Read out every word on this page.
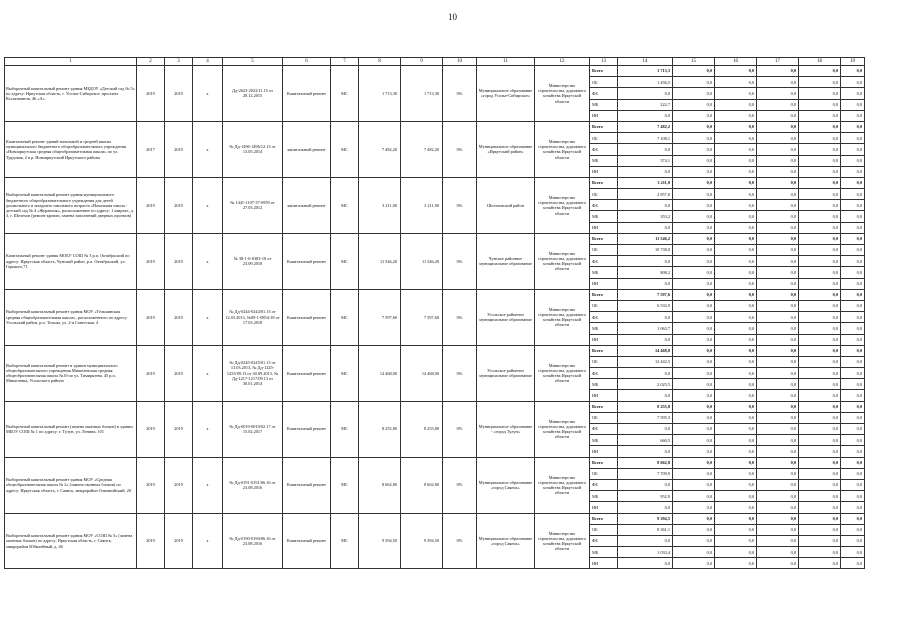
10
1	2	3	4	5	6	7	8	9	10	11	12	13	14	15	16	17	18	19
Выборочный капитальный ремонт здания МБДОУ «Детский сад № 5» по адресу: Иркутская область, г. Усолье-Сибирское, проспект Космонавтов, 46 «А»	2019	2019	x	Дд-2623-2023/11.15 от 28.12.2015	Капитальный ремонт	МС	1 713,30	1 713,30	0%	Муниципальное образование «город Усолье-Сибирское»	Министерство строительства, дорожного хозяйства Иркутской области	Всего	1 713,3	0,0	0,0	0,0	0,0	0,0
												ОБ	1 456,5	0,0	0,0	0,0	0,0	0,0
												ФБ	0,0	0,0	0,0	0,0	0,0	0,0
												МБ	222,7	0,0	0,0	0,0	0,0	0,0
												ИИ	0,0	0,0	0,0	0,0	0,0	0,0
Капитальный ремонт зданий начальной и средней школы муниципального бюджетного общеобразовательного учреждения «Новоиркутская средняя общеобразовательная школа» по ул. Трудовая, 2 в р. Новоиркутский Иркутского района	2017	2019	x	№ Дд-1496-1496/12.13 от 13.05.2014	капитальный ремонт	МС	7 482,20	7 482,20	0%	Муниципальное образование «Иркутский район»	Министерство строительства, дорожного хозяйства Иркутской области	Всего	7 482,2	0,0	0,0	0,0	0,0	0,0
												ОБ	7 108,1	0,0	0,0	0,0	0,0	0,0
												ФБ	0,0	0,0	0,0	0,0	0,0	0,0
												МБ	374,1	0,0	0,0	0,0	0,0	0,0
												ИИ	0,0	0,0	0,0	0,0	0,0	0,0
Выборочный капитальный ремонт здания муниципального бюджетного общеобразовательного учреждения для детей дошкольного и младшего школьного возраста «Начальная школа - детский сад № 4 «Журавлик», расположенное по адресу: 1 квартал, д. 3, г. Шелехов (ремонт кровли, замена заполнений дверных проемов)	2019	2019	x	№ 1441-1107-37-0959 от 27.03.2012	капитальный ремонт	МС	3 211,00	3 211,00	0%	Шелеховский район	Министерство строительства, дорожного хозяйства Иркутской области	Всего	3 211,0	0,0	0,0	0,0	0,0	0,0
												ОБ	2 857,8	0,0	0,0	0,0	0,0	0,0
												ФБ	0,0	0,0	0,0	0,0	0,0	0,0
												МБ	353,2	0,0	0,0	0,0	0,0	0,0
												ИИ	0,0	0,0	0,0	0,0	0,0	0,0
Капитальный ремонт здания МОБУ СОШ № 3 р.п. Октябрьский по адресу: Иркутская область, Чунский район, р.п. Октябрьский, ул. Горького,71	2019	2019	x	№ 38-1-6-0383-18 от 23.09.2018	Капитальный ремонт	МС	11 546,20	11 546,20	0%	Чунское районное муниципальное образование	Министерство строительства, дорожного хозяйства Иркутской области	Всего	11 546,2	0,0	0,0	0,0	0,0	0,0
												ОБ	10 738,0	0,0	0,0	0,0	0,0	0,0
												ФБ	0,0	0,0	0,0	0,0	0,0	0,0
												МБ	808,2	0,0	0,0	0,0	0,0	0,0
												ИИ	0,0	0,0	0,0	0,0	0,0	0,0
Выборочный капитальный ремонт здания МОУ «Тельминская средняя общеобразовательная школа», расположенного по адресу: Усольский район, р.п. Тельма, ул. 2-я Советская, 4	2019	2019	x	№ Дд-0244-0244/01.13 от 12.03.2013, №09-1-0854-18 от 17.03.2018	Капитальный ремонт	МС	7 597,60	7 597,60	0%	Усольское районное муниципальное образование	Министерство строительства, дорожного хозяйства Иркутской области	Всего	7 597,6	0,0	0,0	0,0	0,0	0,0
												ОБ	6 533,9	0,0	0,0	0,0	0,0	0,0
												ФБ	0,0	0,0	0,0	0,0	0,0	0,0
												МБ	1 063,7	0,0	0,0	0,0	0,0	0,0
												ИИ	0,0	0,0	0,0	0,0	0,0	0,0
Выборочный капитальный ремонт в здании муниципального общеобразовательного учреждения Мишелевская средняя общеобразовательная школа №19 по ул. Тимирязева, 45 р.п. Мишелевка, Усольского района	2019	2019	x	№ Дд-0245-0245/01.13 от 13.03.2013, № Дд-1225-1255/09.13 от 30.09.2013, № Дд-1217-1217/09.13 от 30.01.2014	Капитальный ремонт	МС	14 468,00	14 468,00	0%	Усольское районное муниципальное образование	Министерство строительства, дорожного хозяйства Иркутской области	Всего	14 468,0	0,0	0,0	0,0	0,0	0,0
												ОБ	12 442,5	0,0	0,0	0,0	0,0	0,0
												ФБ	0,0	0,0	0,0	0,0	0,0	0,0
												МБ	2 025,5	0,0	0,0	0,0	0,0	0,0
												ИИ	0,0	0,0	0,0	0,0	0,0	0,0
Выборочный капитальный ремонт (замена оконных блоков) в здании МБОУ СОШ № 1 по адресу: г. Тулун, ул. Ленина, 101	2019	2019	x	№ Дд-0019-0019/02.17 от 15.02.2017	Капитальный ремонт	МС	8 255,80	8 255,80	0%	Муниципальное образование - «город Тулун»	Министерство строительства, дорожного хозяйства Иркутской области	Всего	8 255,8	0,0	0,0	0,0	0,0	0,0
												ОБ	7 595,3	0,0	0,0	0,0	0,0	0,0
												ФБ	0,0	0,0	0,0	0,0	0,0	0,0
												МБ	660,5	0,0	0,0	0,0	0,0	0,0
												ИИ	0,0	0,0	0,0	0,0	0,0	0,0
Выборочный капитальный ремонт здания МОУ «Средняя общеобразовательная школа № 2» (замена оконных блоков) по адресу: Иркутская область, г. Саянск, микрорайон Олимпийский, 20	2019	2019	x	№ Дд-0191-0191/06.16 от 23.08.2016	Капитальный ремонт	МС	8 662,80	8 662,80	0%	Муниципальное образование «город Саянск»	Министерство строительства, дорожного хозяйства Иркутской области	Всего	8 662,8	0,0	0,0	0,0	0,0	0,0
												ОБ	7 709,9	0,0	0,0	0,0	0,0	0,0
												ФБ	0,0	0,0	0,0	0,0	0,0	0,0
												МБ	952,9	0,0	0,0	0,0	0,0	0,0
												ИИ	0,0	0,0	0,0	0,0	0,0	0,0
Выборочный капитальный ремонт здания МОУ «СОШ № 5» (замена оконных блоков) по адресу: Иркутская область, г. Саянск, микрорайон Юбилейный, д. 46	2019	2019	x	№ Дд-0190-0190/06.16 от 23.08.2016	Капитальный ремонт	МС	9 394,50	9 394,50	0%	Муниципальное образование «город Саянск»	Министерство строительства, дорожного хозяйства Иркутской области	Всего	9 394,5	0,0	0,0	0,0	0,0	0,0
												ОБ	8 361,1	0,0	0,0	0,0	0,0	0,0
												ФБ	0,0	0,0	0,0	0,0	0,0	0,0
												МБ	1 033,4	0,0	0,0	0,0	0,0	0,0
												ИИ	0,0	0,0	0,0	0,0	0,0	0,0
